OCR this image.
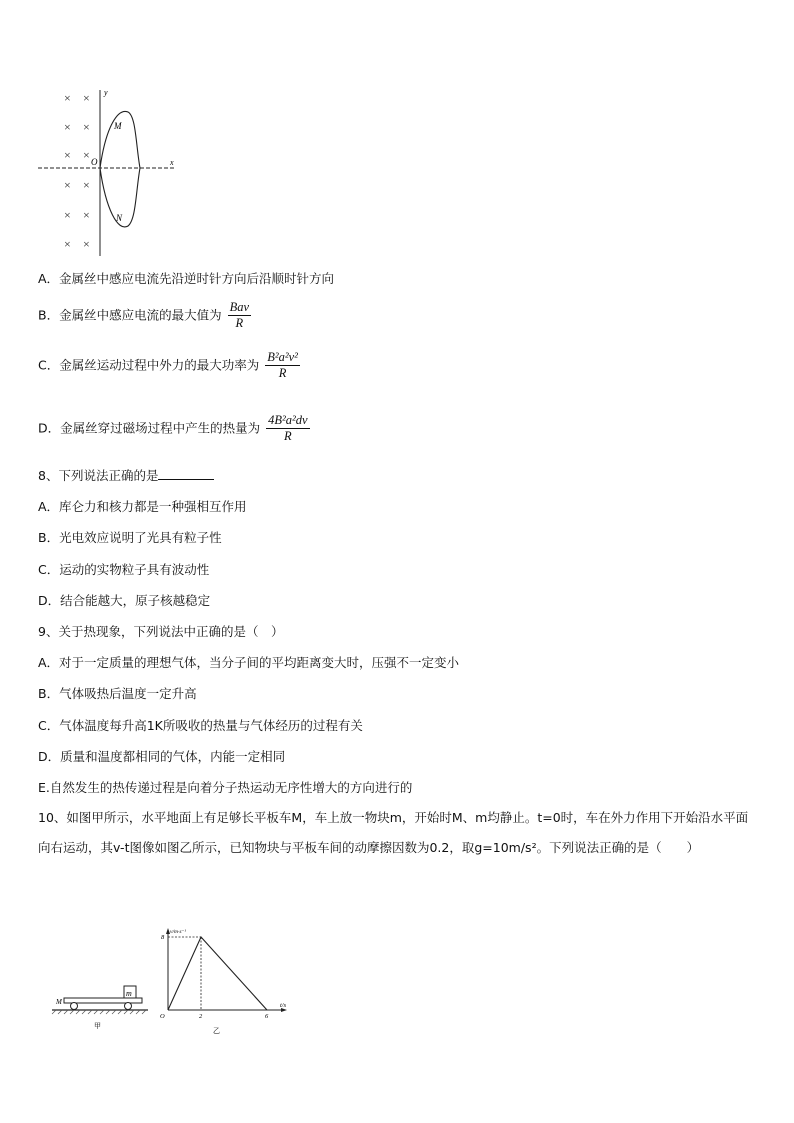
× ×
× ×
× ×
× ×
× ×
× ×
y
x
O
M
N
A．金属丝中感应电流先沿逆时针方向后沿顺时针方向
B．金属丝中感应电流的最大值为 $\frac{\text{Bav}}{R}$
C．金属丝运动过程中外力的最大功率为 $\frac{\text{B²a²v²}}{R}$
D．金属丝穿过磁场过程中产生的热量为 $\frac{\text{4B²a²dv}}{R}$
8、下列说法正确的是
A．库仑力和核力都是一种强相互作用
B．光电效应说明了光具有粒子性
C．运动的实物粒子具有波动性
D．结合能越大，原子核越稳定
9、关于热现象，下列说法中正确的是（　）
A．对于一定质量的理想气体，当分子间的平均距离变大时，压强不一定变小
B．气体吸热后温度一定升高
C．气体温度每升高1K所吸收的热量与气体经历的过程有关
D．质量和温度都相同的气体，内能一定相同
E.自然发生的热传递过程是向着分子热运动无序性增大的方向进行的
10、如图甲所示，水平地面上有足够长平板车M，车上放一物块m，开始时M、m均静止。t=0时，车在外力作用下开始沿水平面向右运动，其v-t图像如图乙所示，已知物块与平板车间的动摩擦因数为0.2，取g=10m/s²。下列说法正确的是（　　）
m
M
甲
v/m·s⁻¹
t/s
O
8
2	6
乙
